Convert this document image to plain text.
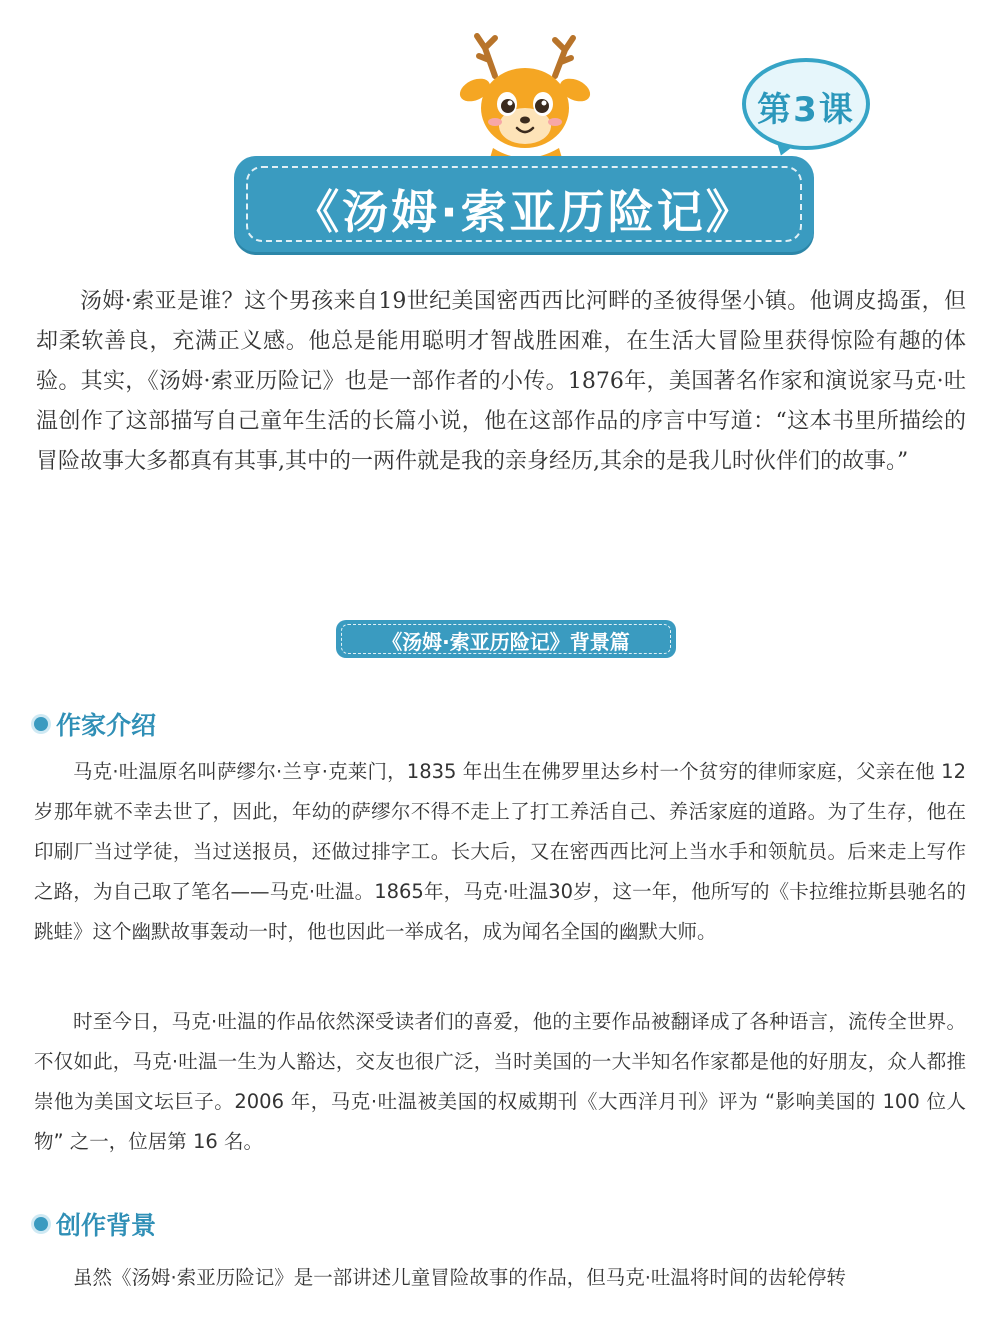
第3课
《汤姆·索亚历险记》

汤姆·索亚是谁？这个男孩来自19世纪美国密西西比河畔的圣彼得堡小镇。他调皮捣蛋，但却柔软善良，充满正义感。他总是能用聪明才智战胜困难，在生活大冒险里获得惊险有趣的体验。其实，《汤姆·索亚历险记》也是一部作者的小传。1876年，美国著名作家和演说家马克·吐温创作了这部描写自己童年生活的长篇小说，他在这部作品的序言中写道：“这本书里所描绘的冒险故事大多都真有其事,其中的一两件就是我的亲身经历,其余的是我儿时伙伴们的故事。”

《汤姆·索亚历险记》背景篇
作家介绍

马克·吐温原名叫萨缪尔·兰亨·克莱门，1835 年出生在佛罗里达乡村一个贫穷的律师家庭，父亲在他 12 岁那年就不幸去世了，因此，年幼的萨缪尔不得不走上了打工养活自己、养活家庭的道路。为了生存，他在印刷厂当过学徒，当过送报员，还做过排字工。长大后，又在密西西比河上当水手和领航员。后来走上写作之路，为自己取了笔名——马克·吐温。1865年，马克·吐温30岁，这一年，他所写的《卡拉维拉斯县驰名的跳蛙》这个幽默故事轰动一时，他也因此一举成名，成为闻名全国的幽默大师。

时至今日，马克·吐温的作品依然深受读者们的喜爱，他的主要作品被翻译成了各种语言，流传全世界。不仅如此，马克·吐温一生为人豁达，交友也很广泛，当时美国的一大半知名作家都是他的好朋友，众人都推崇他为美国文坛巨子。2006 年，马克·吐温被美国的权威期刊《大西洋月刊》评为 “影响美国的 100 位人物” 之一，位居第 16 名。

创作背景

虽然《汤姆·索亚历险记》是一部讲述儿童冒险故事的作品，但马克·吐温将时间的齿轮停转
